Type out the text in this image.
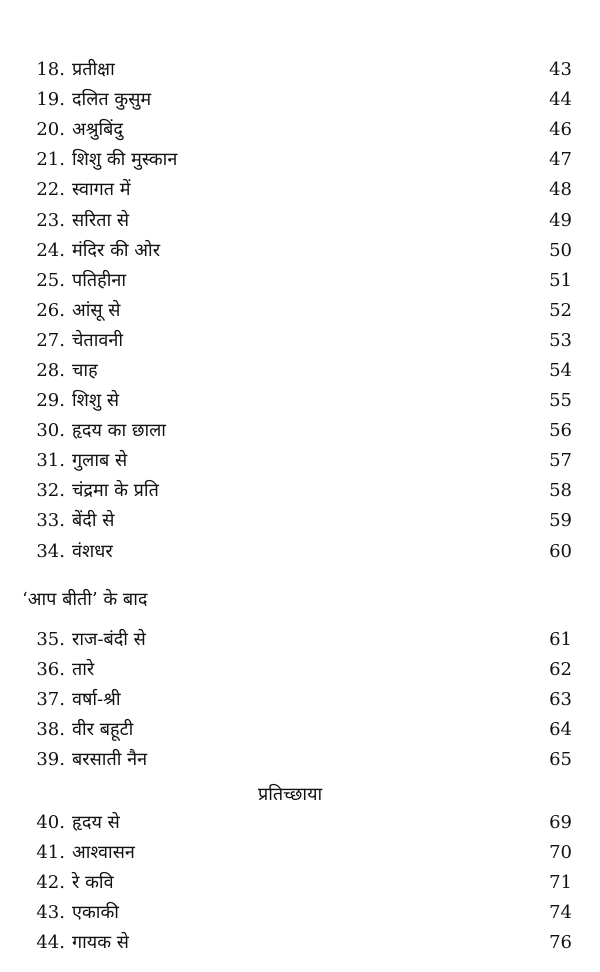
18. प्रतीक्षा	43
19. दलित कुसुम	44
20. अश्रुबिंदु	46
21. शिशु की मुस्कान	47
22. स्वागत में	48
23. सरिता से	49
24. मंदिर की ओर	50
25. पतिहीना	51
26. आंसू से	52
27. चेतावनी	53
28. चाह	54
29. शिशु से	55
30. हृदय का छाला	56
31. गुलाब से	57
32. चंद्रमा के प्रति	58
33. बेंदी से	59
34. वंशधर	60
‘आप बीती’ के बाद
35. राज-बंदी से	61
36. तारे	62
37. वर्षा-श्री	63
38. वीर बहूटी	64
39. बरसाती नैन	65
प्रतिच्छाया
40. हृदय से	69
41. आश्वासन	70
42. रे कवि	71
43. एकाकी	74
44. गायक से	76
